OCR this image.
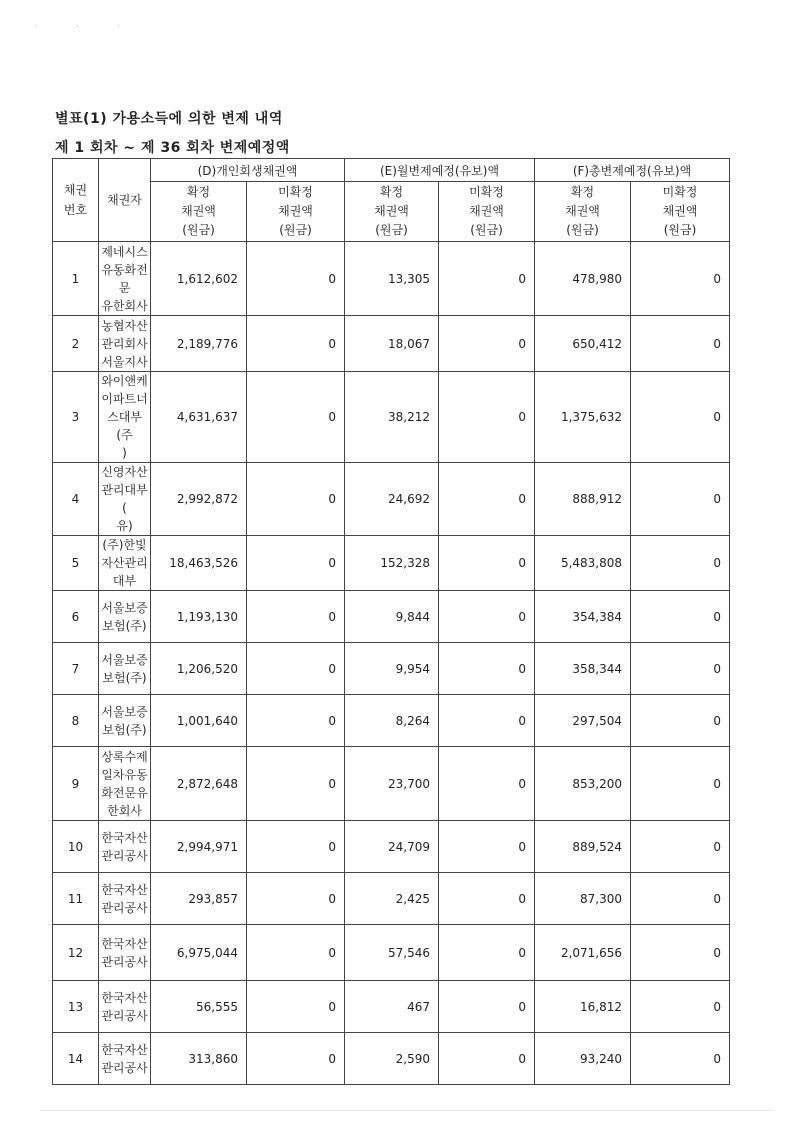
· · ·
별표(1) 가용소득에 의한 변제 내역
제 1 회차 ~ 제 36 회차 변제예정액
채권
번호	채권자	(D)개인회생채권액		(E)월변제예정(유보)액		(F)총변제예정(유보)액	
		확정
채권액
(원금)	미확정
채권액
(원금)	확정
채권액
(원금)	미확정
채권액
(원금)	확정
채권액
(원금)	미확정
채권액
(원금)
1	제네시스
유동화전
문
유한회사	1,612,602	0	13,305	0	478,980	0
2	농협자산
관리회사
서울지사	2,189,776	0	18,067	0	650,412	0
3	와이앤케
이파트너
스대부(주
)	4,631,637	0	38,212	0	1,375,632	0
4	신영자산
관리대부(
유)	2,992,872	0	24,692	0	888,912	0
5	(주)한빛
자산관리
대부	18,463,526	0	152,328	0	5,483,808	0
6	서울보증
보험(주)	1,193,130	0	9,844	0	354,384	0
7	서울보증
보험(주)	1,206,520	0	9,954	0	358,344	0
8	서울보증
보험(주)	1,001,640	0	8,264	0	297,504	0
9	상록수제
일차유동
화전문유
한회사	2,872,648	0	23,700	0	853,200	0
10	한국자산
관리공사	2,994,971	0	24,709	0	889,524	0
11	한국자산
관리공사	293,857	0	2,425	0	87,300	0
12	한국자산
관리공사	6,975,044	0	57,546	0	2,071,656	0
13	한국자산
관리공사	56,555	0	467	0	16,812	0
14	한국자산
관리공사	313,860	0	2,590	0	93,240	0
